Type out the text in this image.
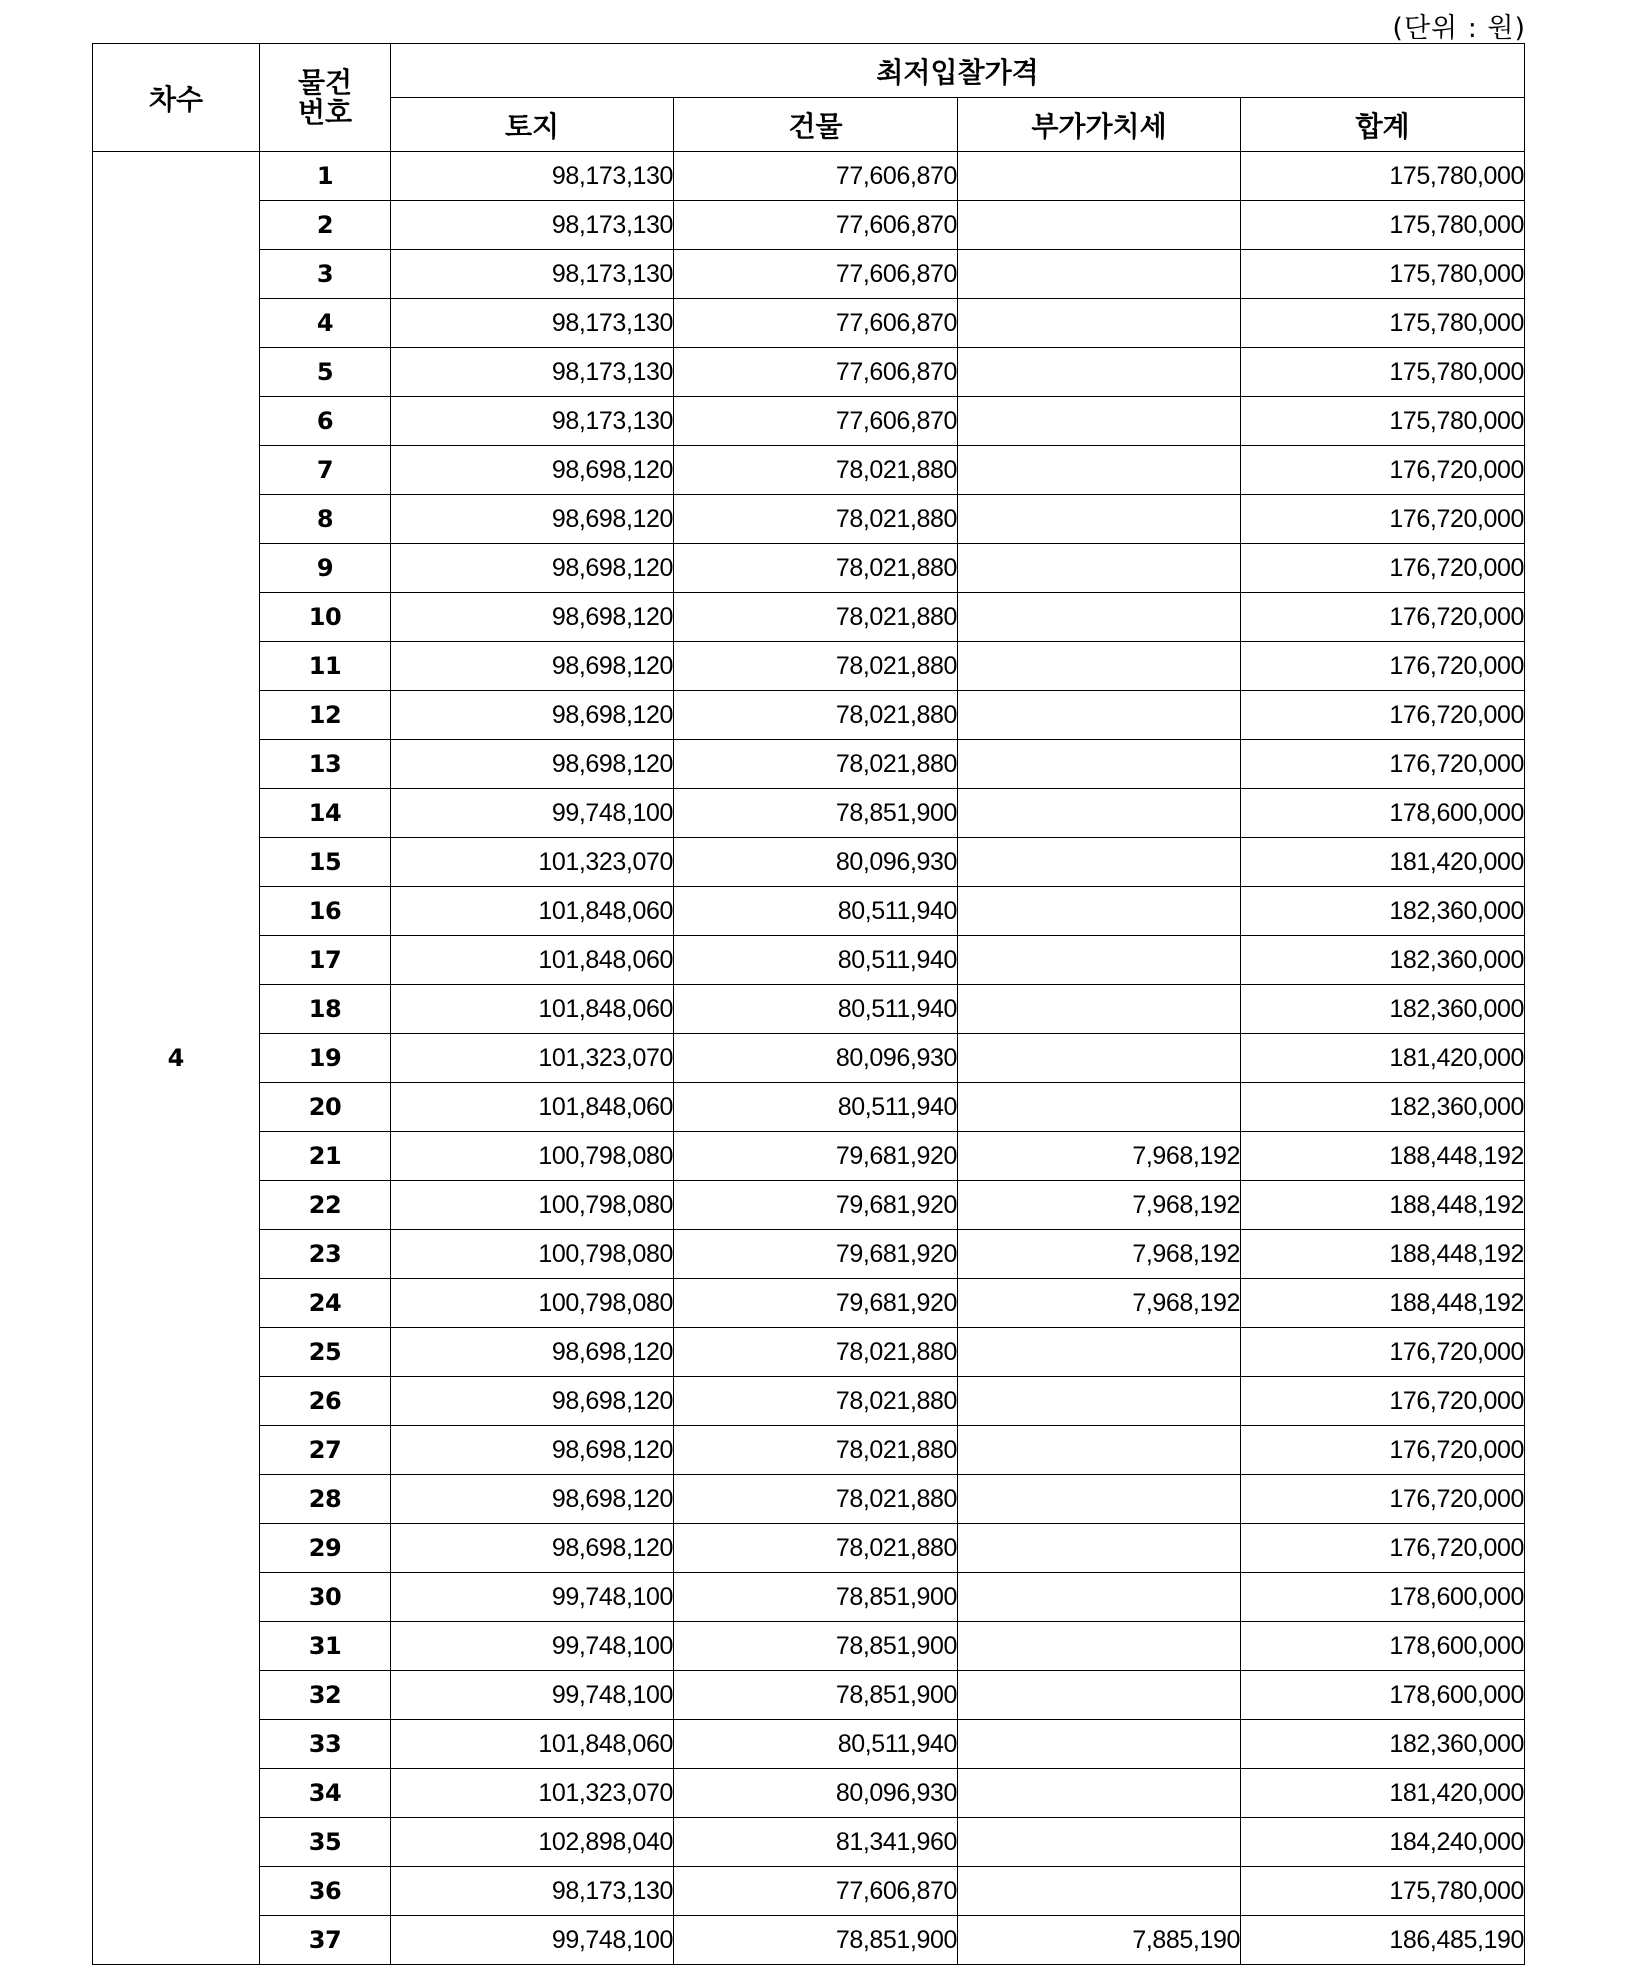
(단위 : 원)
차수	물건
번호	최저입찰가격			
		토지	건물	부가가치세	합계
4	1	98,173,130	77,606,870		175,780,000
	2	98,173,130	77,606,870		175,780,000
	3	98,173,130	77,606,870		175,780,000
	4	98,173,130	77,606,870		175,780,000
	5	98,173,130	77,606,870		175,780,000
	6	98,173,130	77,606,870		175,780,000
	7	98,698,120	78,021,880		176,720,000
	8	98,698,120	78,021,880		176,720,000
	9	98,698,120	78,021,880		176,720,000
	10	98,698,120	78,021,880		176,720,000
	11	98,698,120	78,021,880		176,720,000
	12	98,698,120	78,021,880		176,720,000
	13	98,698,120	78,021,880		176,720,000
	14	99,748,100	78,851,900		178,600,000
	15	101,323,070	80,096,930		181,420,000
	16	101,848,060	80,511,940		182,360,000
	17	101,848,060	80,511,940		182,360,000
	18	101,848,060	80,511,940		182,360,000
	19	101,323,070	80,096,930		181,420,000
	20	101,848,060	80,511,940		182,360,000
	21	100,798,080	79,681,920	7,968,192	188,448,192
	22	100,798,080	79,681,920	7,968,192	188,448,192
	23	100,798,080	79,681,920	7,968,192	188,448,192
	24	100,798,080	79,681,920	7,968,192	188,448,192
	25	98,698,120	78,021,880		176,720,000
	26	98,698,120	78,021,880		176,720,000
	27	98,698,120	78,021,880		176,720,000
	28	98,698,120	78,021,880		176,720,000
	29	98,698,120	78,021,880		176,720,000
	30	99,748,100	78,851,900		178,600,000
	31	99,748,100	78,851,900		178,600,000
	32	99,748,100	78,851,900		178,600,000
	33	101,848,060	80,511,940		182,360,000
	34	101,323,070	80,096,930		181,420,000
	35	102,898,040	81,341,960		184,240,000
	36	98,173,130	77,606,870		175,780,000
	37	99,748,100	78,851,900	7,885,190	186,485,190
